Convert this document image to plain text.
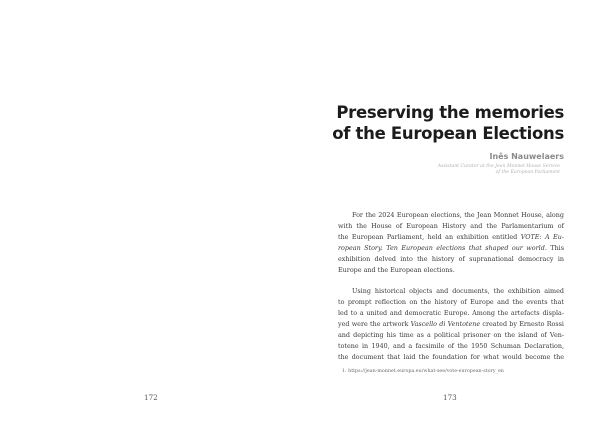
172
Preserving the memories
of the European Elections
Inês Nauwelaers
Assistant Curator at the Jean Monnet House Service
of the European Parliament
For the 2024 European elections, the Jean Monnet House, along
with the House of European History and the Parlamentarium of
the European Parliament, held an exhibition entitled VOTE: A Eu-
ropean Story. Ten European elections that shaped our world. This
exhibition delved into the history of supranational democracy in
Europe and the European elections.
Using historical objects and documents, the exhibition aimed
to prompt reflection on the history of Europe and the events that
led to a united and democratic Europe. Among the artefacts displa-
yed were the artwork Vascello di Ventotene created by Ernesto Rossi
and depicting his time as a political prisoner on the island of Ven-
totene in 1940, and a facsimile of the 1950 Schuman Declaration,
the document that laid the foundation for what would become the
1. https://jean-monnet.europa.eu/what-see/vote-european-story_en
173
